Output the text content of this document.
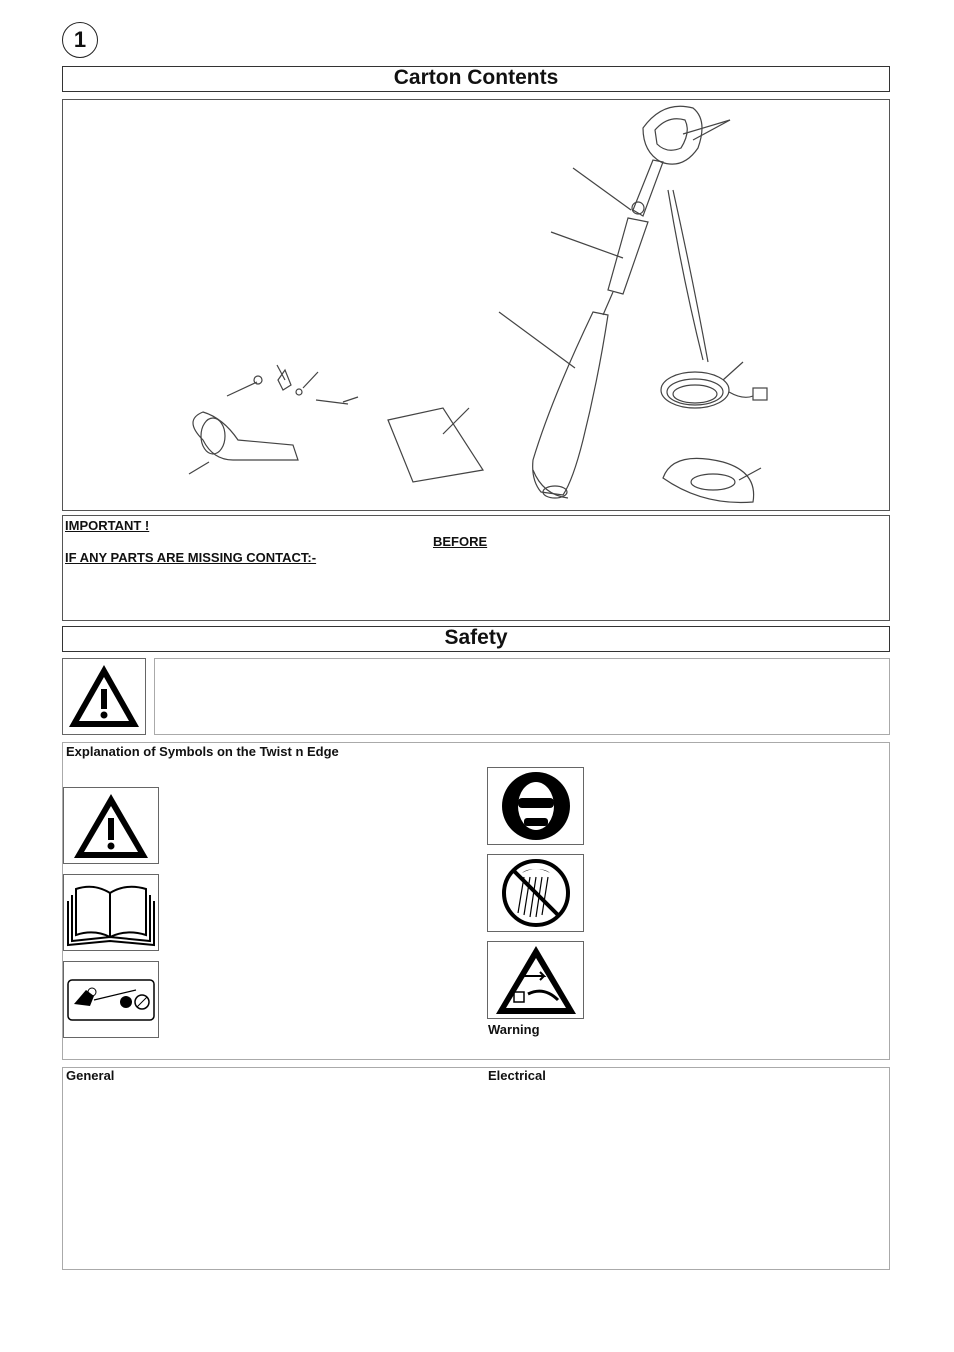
1
Carton Contents
IMPORTANT !
BEFORE
IF ANY PARTS ARE MISSING CONTACT:-
Safety
Explanation of Symbols on the Twist n Edge
Warning
General	Electrical
